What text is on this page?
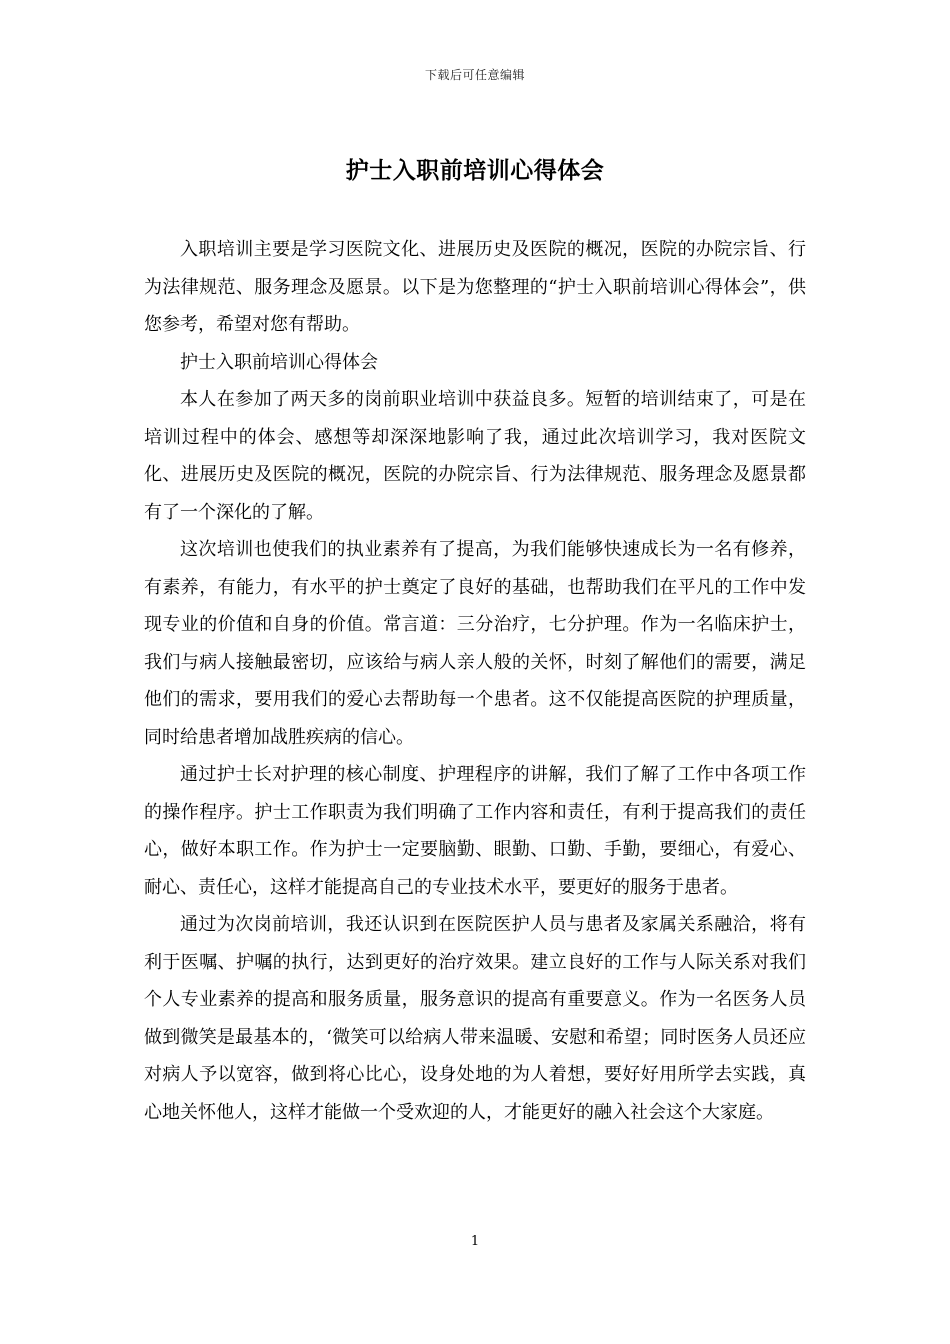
下载后可任意编辑
护士入职前培训心得体会

入职培训主要是学习医院文化、进展历史及医院的概况，医院的办院宗旨、行为法律规范、服务理念及愿景。以下是为您整理的“护士入职前培训心得体会”，供您参考，希望对您有帮助。

护士入职前培训心得体会

本人在参加了两天多的岗前职业培训中获益良多。短暂的培训结束了，可是在培训过程中的体会、感想等却深深地影响了我，通过此次培训学习，我对医院文化、进展历史及医院的概况，医院的办院宗旨、行为法律规范、服务理念及愿景都有了一个深化的了解。

这次培训也使我们的执业素养有了提高，为我们能够快速成长为一名有修养，有素养，有能力，有水平的护士奠定了良好的基础，也帮助我们在平凡的工作中发现专业的价值和自身的价值。常言道：三分治疗，七分护理。作为一名临床护士，我们与病人接触最密切，应该给与病人亲人般的关怀，时刻了解他们的需要，满足他们的需求，要用我们的爱心去帮助每一个患者。这不仅能提高医院的护理质量，同时给患者增加战胜疾病的信心。

通过护士长对护理的核心制度、护理程序的讲解，我们了解了工作中各项工作的操作程序。护士工作职责为我们明确了工作内容和责任，有利于提高我们的责任心，做好本职工作。作为护士一定要脑勤、眼勤、口勤、手勤，要细心，有爱心、耐心、责任心，这样才能提高自己的专业技术水平，要更好的服务于患者。

通过为次岗前培训，我还认识到在医院医护人员与患者及家属关系融洽，将有利于医嘱、护嘱的执行，达到更好的治疗效果。建立良好的工作与人际关系对我们个人专业素养的提高和服务质量，服务意识的提高有重要意义。作为一名医务人员做到微笑是最基本的，‘微笑可以给病人带来温暖、安慰和希望；同时医务人员还应对病人予以宽容，做到将心比心，设身处地的为人着想，要好好用所学去实践，真心地关怀他人，这样才能做一个受欢迎的人，才能更好的融入社会这个大家庭。

1
